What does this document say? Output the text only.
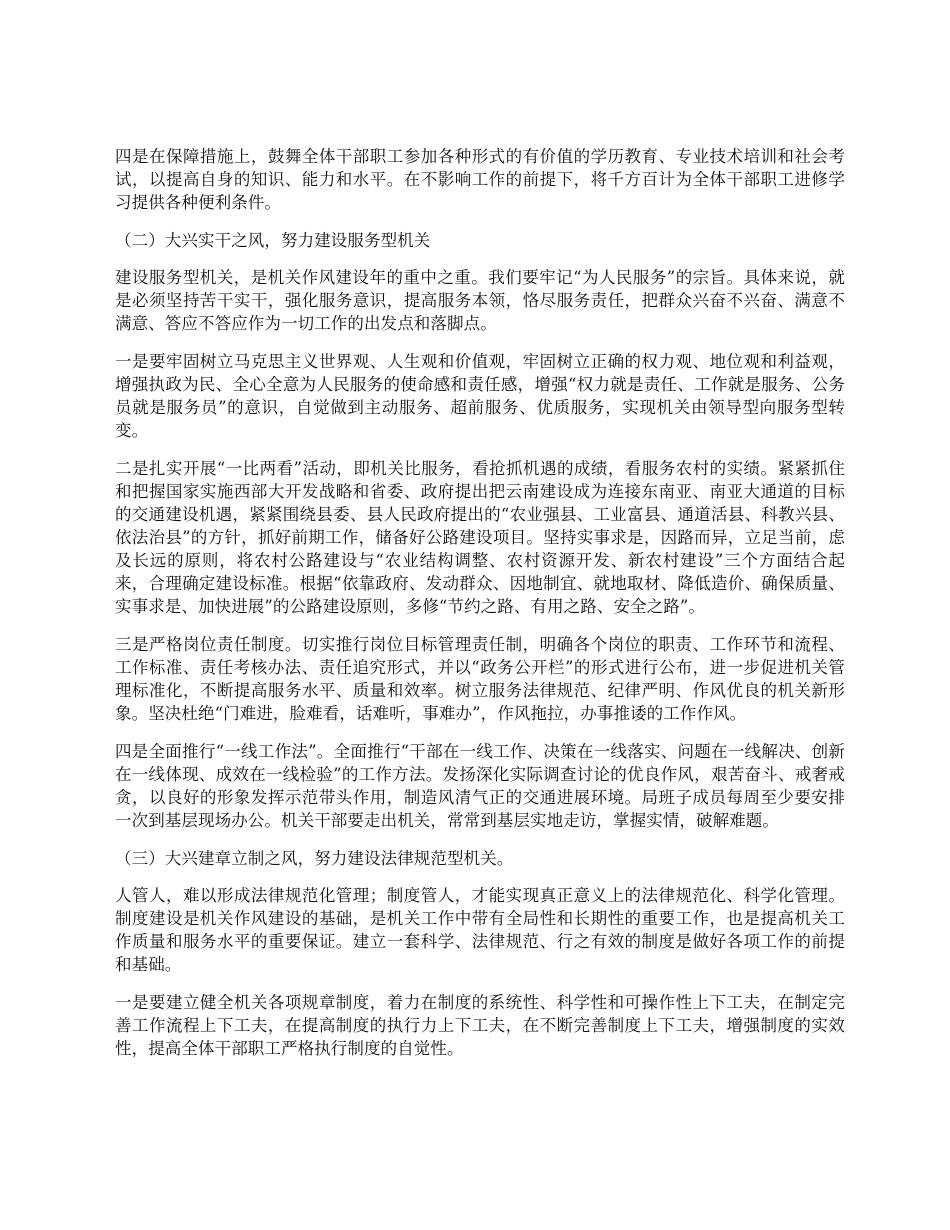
四是在保障措施上，鼓舞全体干部职工参加各种形式的有价值的学历教育、专业技术培训和社会考试，以提高自身的知识、能力和水平。在不影响工作的前提下，将千方百计为全体干部职工进修学习提供各种便利条件。

（二）大兴实干之风，努力建设服务型机关

建设服务型机关，是机关作风建设年的重中之重。我们要牢记“为人民服务”的宗旨。具体来说，就是必须坚持苦干实干，强化服务意识，提高服务本领，恪尽服务责任，把群众兴奋不兴奋、满意不满意、答应不答应作为一切工作的出发点和落脚点。

一是要牢固树立马克思主义世界观、人生观和价值观，牢固树立正确的权力观、地位观和利益观，增强执政为民、全心全意为人民服务的使命感和责任感，增强“权力就是责任、工作就是服务、公务员就是服务员”的意识，自觉做到主动服务、超前服务、优质服务，实现机关由领导型向服务型转变。

二是扎实开展“一比两看”活动，即机关比服务，看抢抓机遇的成绩，看服务农村的实绩。紧紧抓住和把握国家实施西部大开发战略和省委、政府提出把云南建设成为连接东南亚、南亚大通道的目标的交通建设机遇，紧紧围绕县委、县人民政府提出的“农业强县、工业富县、通道活县、科教兴县、依法治县”的方针，抓好前期工作，储备好公路建设项目。坚持实事求是，因路而异，立足当前，虑及长远的原则，将农村公路建设与“农业结构调整、农村资源开发、新农村建设”三个方面结合起来，合理确定建设标准。根据“依靠政府、发动群众、因地制宜、就地取材、降低造价、确保质量、实事求是、加快进展”的公路建设原则，多修“节约之路、有用之路、安全之路”。

三是严格岗位责任制度。切实推行岗位目标管理责任制，明确各个岗位的职责、工作环节和流程、工作标准、责任考核办法、责任追究形式，并以“政务公开栏”的形式进行公布，进一步促进机关管理标准化，不断提高服务水平、质量和效率。树立服务法律规范、纪律严明、作风优良的机关新形象。坚决杜绝“门难进，脸难看，话难听，事难办”，作风拖拉，办事推诿的工作作风。

四是全面推行“一线工作法”。全面推行“干部在一线工作、决策在一线落实、问题在一线解决、创新在一线体现、成效在一线检验”的工作方法。发扬深化实际调查讨论的优良作风，艰苦奋斗、戒奢戒贪，以良好的形象发挥示范带头作用，制造风清气正的交通进展环境。局班子成员每周至少要安排一次到基层现场办公。机关干部要走出机关，常常到基层实地走访，掌握实情，破解难题。

（三）大兴建章立制之风，努力建设法律规范型机关。

人管人，难以形成法律规范化管理；制度管人，才能实现真正意义上的法律规范化、科学化管理。制度建设是机关作风建设的基础，是机关工作中带有全局性和长期性的重要工作，也是提高机关工作质量和服务水平的重要保证。建立一套科学、法律规范、行之有效的制度是做好各项工作的前提和基础。

一是要建立健全机关各项规章制度，着力在制度的系统性、科学性和可操作性上下工夫，在制定完善工作流程上下工夫，在提高制度的执行力上下工夫，在不断完善制度上下工夫，增强制度的实效性，提高全体干部职工严格执行制度的自觉性。
